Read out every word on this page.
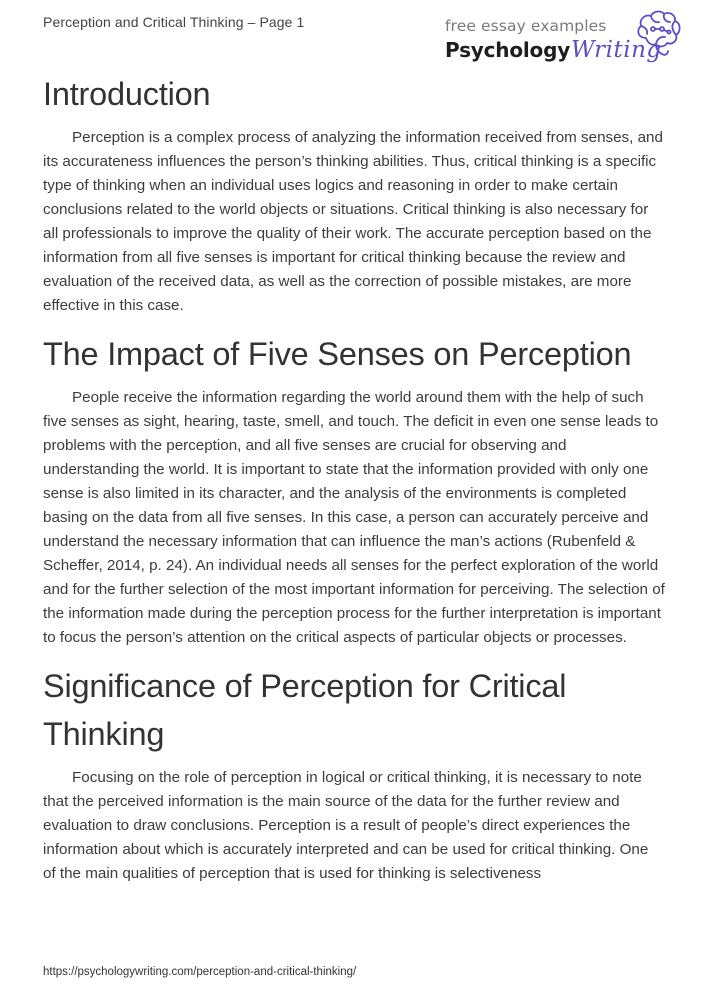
Perception and Critical Thinking – Page 1	free essay examples
PsychologyWriting
Introduction

Perception is a complex process of analyzing the information received from senses, and its accurateness influences the person’s thinking abilities. Thus, critical thinking is a specific type of thinking when an individual uses logics and reasoning in order to make certain conclusions related to the world objects or situations. Critical thinking is also necessary for all professionals to improve the quality of their work. The accurate perception based on the information from all five senses is important for critical thinking because the review and evaluation of the received data, as well as the correction of possible mistakes, are more effective in this case.

The Impact of Five Senses on Perception

People receive the information regarding the world around them with the help of such five senses as sight, hearing, taste, smell, and touch. The deficit in even one sense leads to problems with the perception, and all five senses are crucial for observing and understanding the world. It is important to state that the information provided with only one sense is also limited in its character, and the analysis of the environments is completed basing on the data from all five senses. In this case, a person can accurately perceive and understand the necessary information that can influence the man’s actions (Rubenfeld & Scheffer, 2014, p. 24). An individual needs all senses for the perfect exploration of the world and for the further selection of the most important information for perceiving. The selection of the information made during the perception process for the further interpretation is important to focus the person’s attention on the critical aspects of particular objects or processes.

Significance of Perception for Critical Thinking

Focusing on the role of perception in logical or critical thinking, it is necessary to note that the perceived information is the main source of the data for the further review and evaluation to draw conclusions. Perception is a result of people’s direct experiences the information about which is accurately interpreted and can be used for critical thinking. One of the main qualities of perception that is used for thinking is selectiveness

https://psychologywriting.com/perception-and-critical-thinking/
